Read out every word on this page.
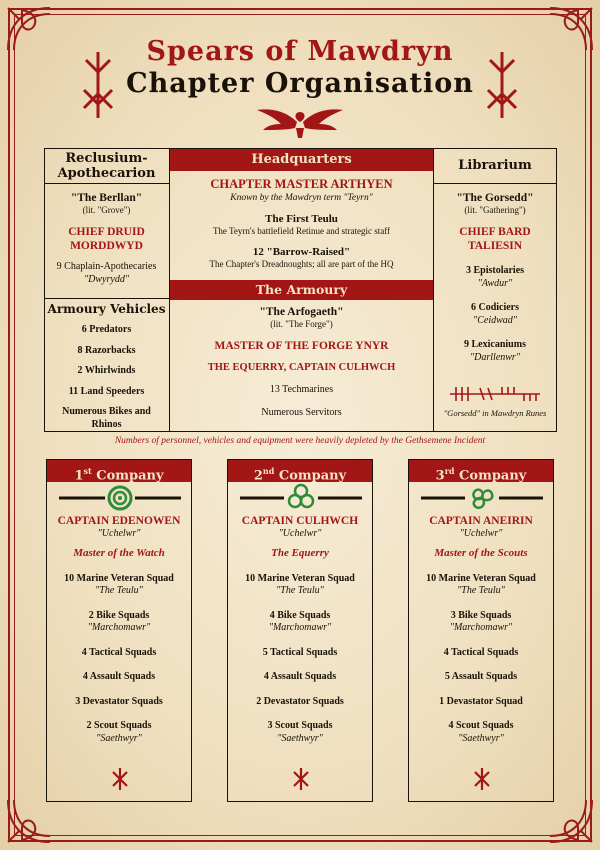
Spears of Mawdryn
Chapter Organisation
Reclusium-
Apothecarion
Headquarters	Librarium

"The Berllan"

(lit. "Grove")

CHIEF DRUID

MORDDWYD

9 Chaplain-Apothecaries

"Dwyrydd"

Armoury Vehicles

6 Predators

8 Razorbacks

2 Whirlwinds

11 Land Speeders

Numerous Bikes and

Rhinos

CHAPTER MASTER ARTHYEN

Known by the Mawdryn term "Teyrn"

The First Teulu

The Teyrn's battlefield Retinue and strategic staff

12 "Barrow-Raised"

The Chapter's Dreadnoughts; all are part of the HQ

The Armoury

"The Arfogaeth"

(lit. "The Forge")

MASTER OF THE FORGE YNYR

THE EQUERRY, CAPTAIN CULHWCH

13 Techmarines

Numerous Servitors

"The Gorsedd"

(lit. "Gathering")

CHIEF BARD

TALIESIN

3 Epistolaries

"Awdur"

6 Codiciers

"Ceidwad"

9 Lexicaniums

"Darllenwr"

"Gorsedd" in Mawdryn Runes
Numbers of personnel, vehicles and equipment were heavily depleted by the Gethsemene Incident
1st Company

CAPTAIN EDENOWEN

"Uchelwr"

Master of the Watch

10 Marine Veteran Squad

"The Teulu"

2 Bike Squads

"Marchomawr"

4 Tactical Squads

4 Assault Squads

3 Devastator Squads

2 Scout Squads

"Saethwyr"

2nd Company

CAPTAIN CULHWCH

"Uchelwr"

The Equerry

10 Marine Veteran Squad

"The Teulu"

4 Bike Squads

"Marchomawr"

5 Tactical Squads

4 Assault Squads

2 Devastator Squads

3 Scout Squads

"Saethwyr"

3rd Company

CAPTAIN ANEIRIN

"Uchelwr"

Master of the Scouts

10 Marine Veteran Squad

"The Teulu"

3 Bike Squads

"Marchomawr"

4 Tactical Squads

5 Assault Squads

1 Devastator Squad

4 Scout Squads

"Saethwyr"
